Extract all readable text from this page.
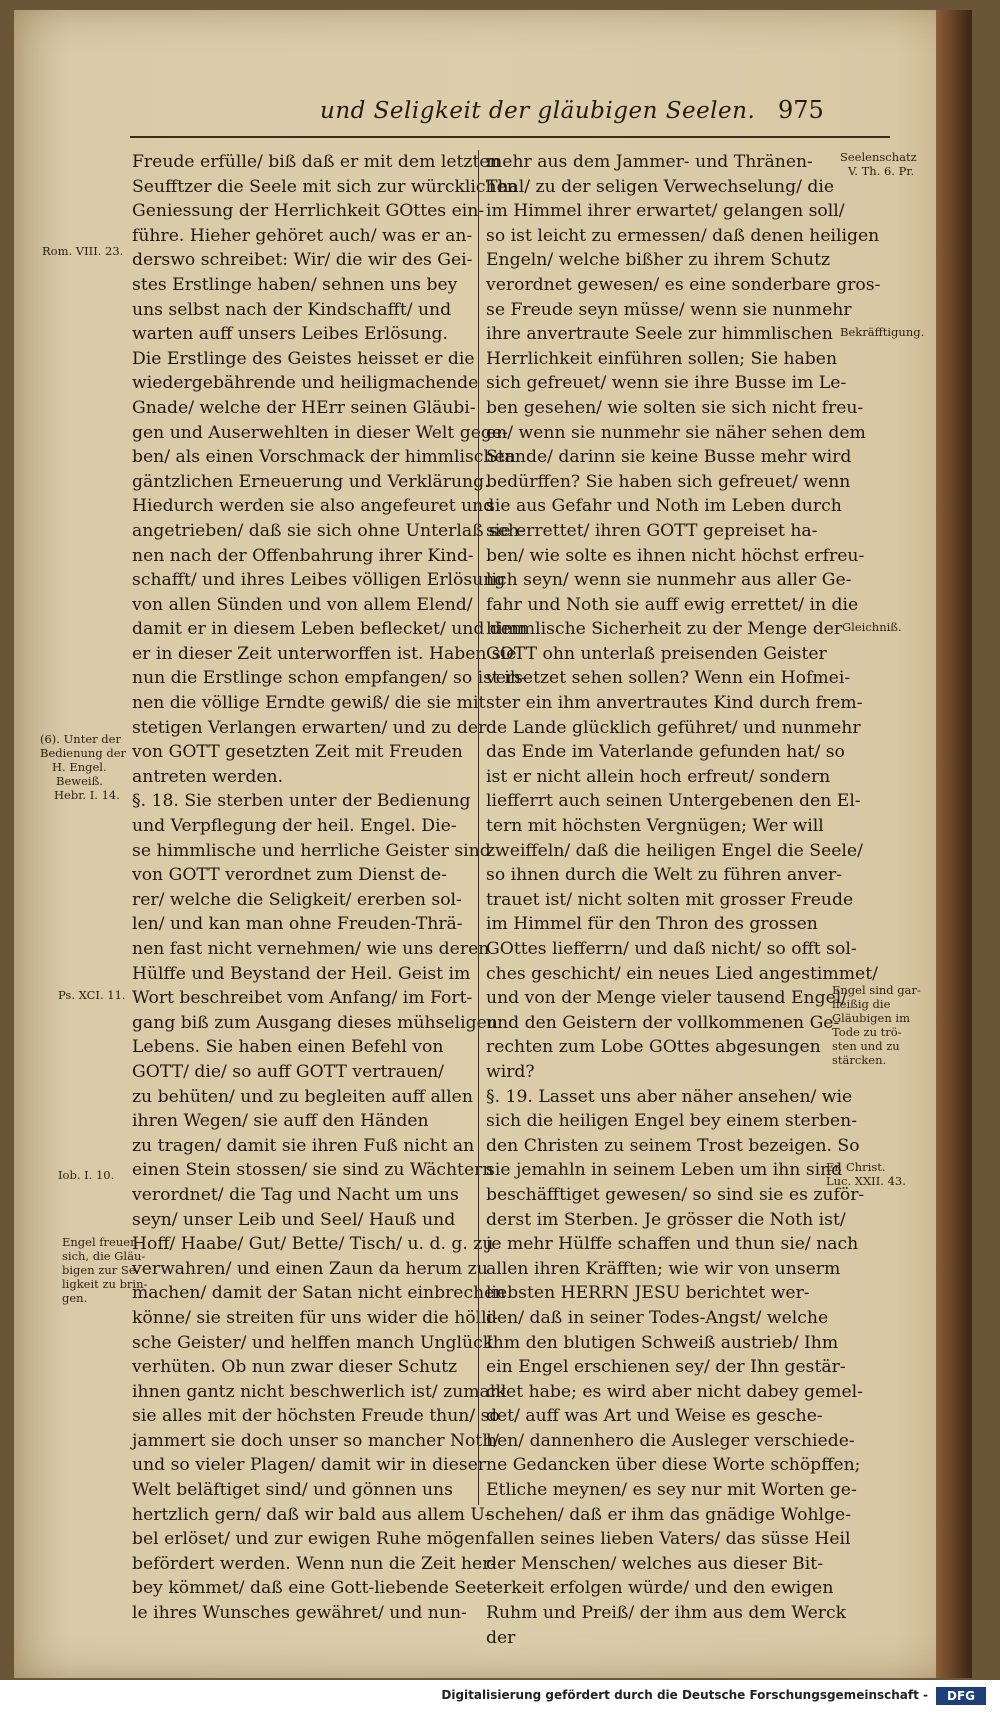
und Seligkeit der gläubigen Seelen. 975
Freude erfülle/ biß daß er mit dem letzten
Seufftzer die Seele mit sich zur würcklichen
Geniessung der Herrlichkeit GOttes ein-
führe. Hieher gehöret auch/ was er an-
derswo schreibet: Wir/ die wir des Gei-
stes Erstlinge haben/ sehnen uns bey
uns selbst nach der Kindschafft/ und
warten auff unsers Leibes Erlösung.
Die Erstlinge des Geistes heisset er die
wiedergebährende und heiligmachende
Gnade/ welche der HErr seinen Gläubi-
gen und Auserwehlten in dieser Welt gege-
ben/ als einen Vorschmack der himmlischen
gäntzlichen Erneuerung und Verklärung.
Hiedurch werden sie also angefeuret und
angetrieben/ daß sie sich ohne Unterlaß seh-
nen nach der Offenbahrung ihrer Kind-
schafft/ und ihres Leibes völligen Erlösung
von allen Sünden und von allem Elend/
damit er in diesem Leben beflecket/ und dem
er in dieser Zeit unterworffen ist. Haben sie
nun die Erstlinge schon empfangen/ so ist ih-
nen die völlige Erndte gewiß/ die sie mit
stetigen Verlangen erwarten/ und zu der
von GOTT gesetzten Zeit mit Freuden
antreten werden.
§. 18. Sie sterben unter der Bedienung
und Verpflegung der heil. Engel. Die-
se himmlische und herrliche Geister sind
von GOTT verordnet zum Dienst de-
rer/ welche die Seligkeit/ ererben sol-
len/ und kan man ohne Freuden-Thrä-
nen fast nicht vernehmen/ wie uns deren
Hülffe und Beystand der Heil. Geist im
Wort beschreibet vom Anfang/ im Fort-
gang biß zum Ausgang dieses mühseligen
Lebens. Sie haben einen Befehl von
GOTT/ die/ so auff GOTT vertrauen/
zu behüten/ und zu begleiten auff allen
ihren Wegen/ sie auff den Händen
zu tragen/ damit sie ihren Fuß nicht an
einen Stein stossen/ sie sind zu Wächtern
verordnet/ die Tag und Nacht um uns
seyn/ unser Leib und Seel/ Hauß und
Hoff/ Haabe/ Gut/ Bette/ Tisch/ u. d. g. zu
verwahren/ und einen Zaun da herum zu
machen/ damit der Satan nicht einbrechen
könne/ sie streiten für uns wider die hölli-
sche Geister/ und helffen manch Unglück
verhüten. Ob nun zwar dieser Schutz
ihnen gantz nicht beschwerlich ist/ zumahl
sie alles mit der höchsten Freude thun/ so
jammert sie doch unser so mancher Noth/
und so vieler Plagen/ damit wir in dieser
Welt beläftiget sind/ und gönnen uns
hertzlich gern/ daß wir bald aus allem U-
bel erlöset/ und zur ewigen Ruhe mögen
befördert werden. Wenn nun die Zeit her-
bey kömmet/ daß eine Gott-liebende See-
le ihres Wunsches gewähret/ und nun-
mehr aus dem Jammer- und Thränen-
Thal/ zu der seligen Verwechselung/ die
im Himmel ihrer erwartet/ gelangen soll/
so ist leicht zu ermessen/ daß denen heiligen
Engeln/ welche bißher zu ihrem Schutz
verordnet gewesen/ es eine sonderbare gros-
se Freude seyn müsse/ wenn sie nunmehr
ihre anvertraute Seele zur himmlischen
Herrlichkeit einführen sollen; Sie haben
sich gefreuet/ wenn sie ihre Busse im Le-
ben gesehen/ wie solten sie sich nicht freu-
en/ wenn sie nunmehr sie näher sehen dem
Stande/ darinn sie keine Busse mehr wird
bedürffen? Sie haben sich gefreuet/ wenn
sie aus Gefahr und Noth im Leben durch
sie errettet/ ihren GOTT gepreiset ha-
ben/ wie solte es ihnen nicht höchst erfreu-
lich seyn/ wenn sie nunmehr aus aller Ge-
fahr und Noth sie auff ewig errettet/ in die
himmlische Sicherheit zu der Menge der
GOTT ohn unterlaß preisenden Geister
versetzet sehen sollen? Wenn ein Hofmei-
ster ein ihm anvertrautes Kind durch frem-
de Lande glücklich geführet/ und nunmehr
das Ende im Vaterlande gefunden hat/ so
ist er nicht allein hoch erfreut/ sondern
liefferrt auch seinen Untergebenen den El-
tern mit höchsten Vergnügen; Wer will
zweiffeln/ daß die heiligen Engel die Seele/
so ihnen durch die Welt zu führen anver-
trauet ist/ nicht solten mit grosser Freude
im Himmel für den Thron des grossen
GOttes liefferrn/ und daß nicht/ so offt sol-
ches geschicht/ ein neues Lied angestimmet/
und von der Menge vieler tausend Engel/
und den Geistern der vollkommenen Ge-
rechten zum Lobe GOttes abgesungen
wird?
§. 19. Lasset uns aber näher ansehen/ wie
sich die heiligen Engel bey einem sterben-
den Christen zu seinem Trost bezeigen. So
sie jemahln in seinem Leben um ihn sind
beschäfftiget gewesen/ so sind sie es zuför-
derst im Sterben. Je grösser die Noth ist/
je mehr Hülffe schaffen und thun sie/ nach
allen ihren Kräfften; wie wir von unserm
liebsten HERRN JESU berichtet wer-
den/ daß in seiner Todes-Angst/ welche
Ihm den blutigen Schweiß austrieb/ Ihm
ein Engel erschienen sey/ der Ihn gestär-
cket habe; es wird aber nicht dabey gemel-
det/ auff was Art und Weise es gesche-
hen/ dannenhero die Ausleger verschiede-
ne Gedancken über diese Worte schöpffen;
Etliche meynen/ es sey nur mit Worten ge-
schehen/ daß er ihm das gnädige Wohlge-
fallen seines lieben Vaters/ das süsse Heil
der Menschen/ welches aus dieser Bit-
terkeit erfolgen würde/ und den ewigen
Ruhm und Preiß/ der ihm aus dem Werck
der
Rom. VIII. 23.
(6). Unter der
Bedienung der
H. Engel.
Beweiß.
Hebr. I. 14.
Ps. XCI. 11.
Iob. I. 10.
Engel freuen
sich, die Gläu-
bigen zur Se-
ligkeit zu brin-
gen.
Seelenschatz
V. Th. 6. Pr.
Bekräfftigung.
Gleichniß.
Engel sind gar-
fleißig die
Gläubigen im
Tode zu trö-
sten und zu
stärcken.
Er. Christ.
Luc. XXII. 43.
Digitalisierung gefördert durch die Deutsche Forschungsgemeinschaft -	DFG
